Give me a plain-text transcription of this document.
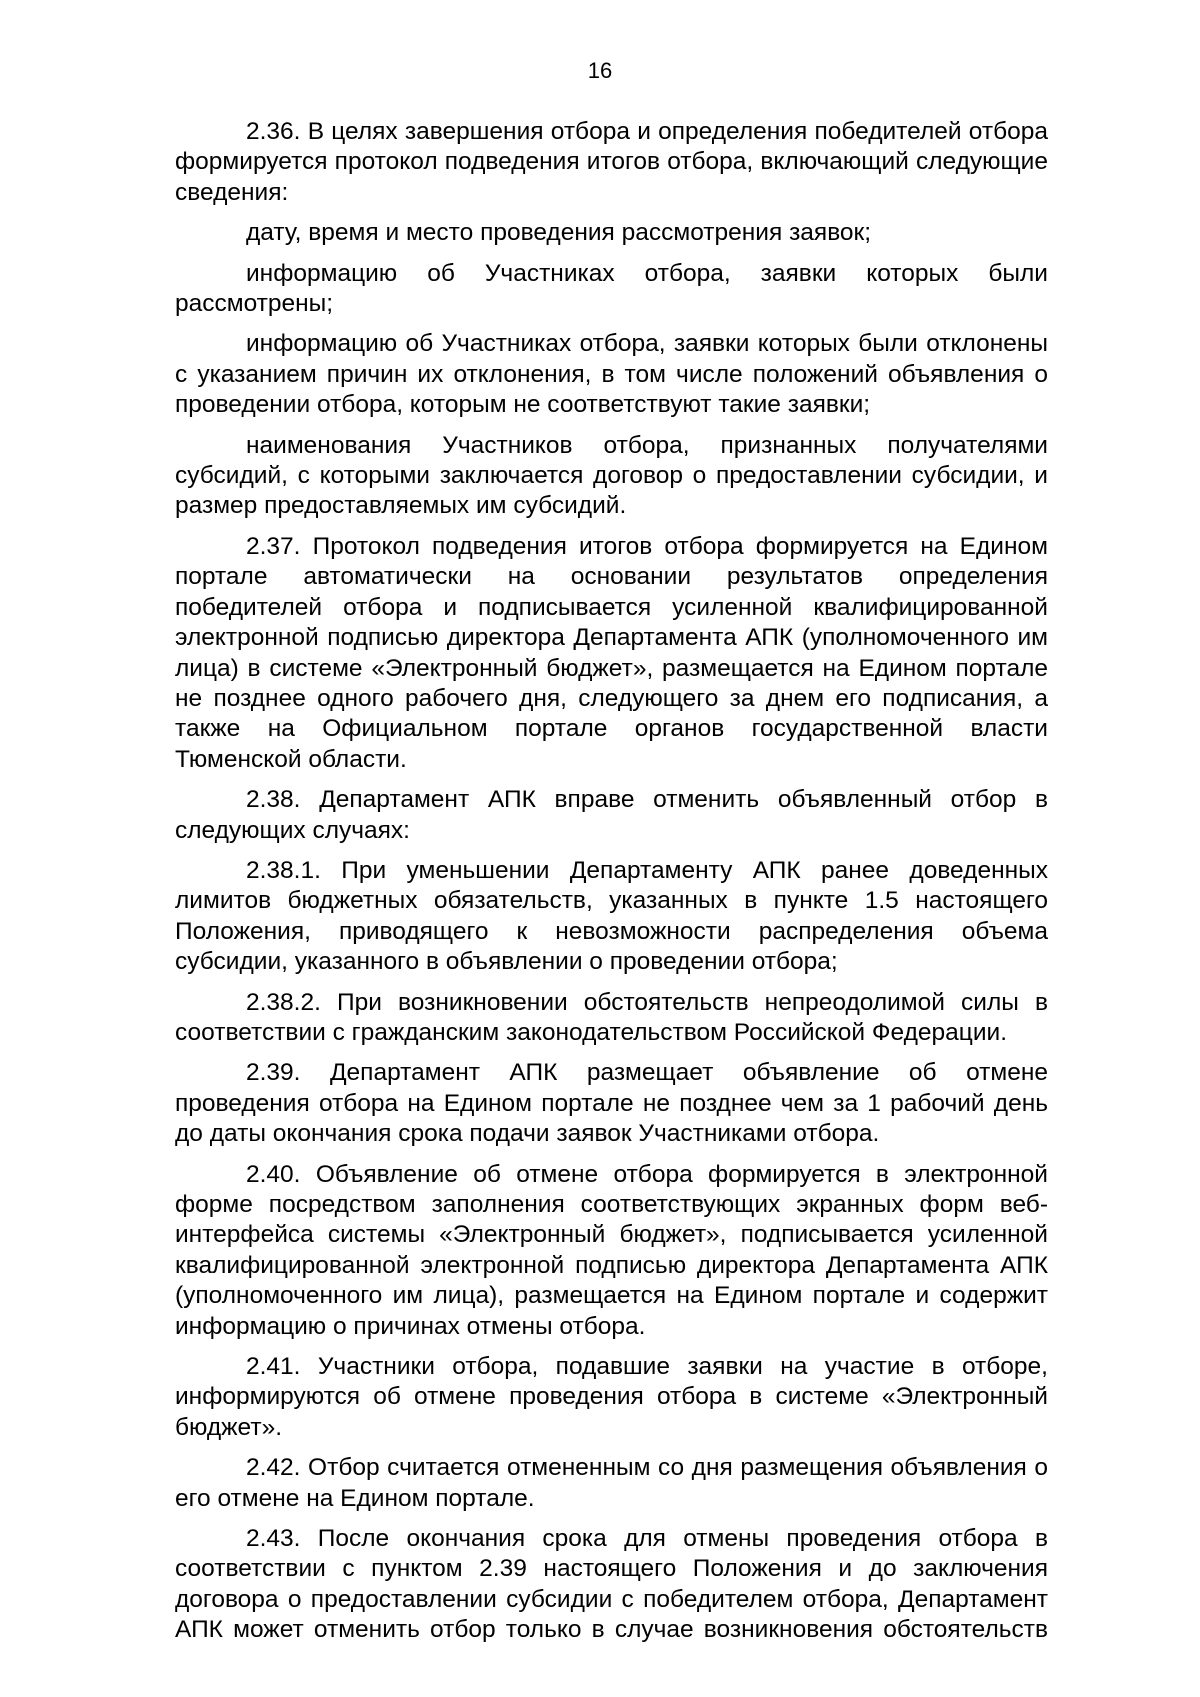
16

2.36. В целях завершения отбора и определения победителей отбора формируется протокол подведения итогов отбора, включающий следующие сведения:

дату, время и место проведения рассмотрения заявок;

информацию об Участниках отбора, заявки которых были рассмотрены;

информацию об Участниках отбора, заявки которых были отклонены с указанием причин их отклонения, в том числе положений объявления о проведении отбора, которым не соответствуют такие заявки;

наименования Участников отбора, признанных получателями субсидий, с которыми заключается договор о предоставлении субсидии, и размер предоставляемых им субсидий.

2.37. Протокол подведения итогов отбора формируется на Едином портале автоматически на основании результатов определения победителей отбора и подписывается усиленной квалифицированной электронной подписью директора Департамента АПК (уполномоченного им лица) в системе «Электронный бюджет», размещается на Едином портале не позднее одного рабочего дня, следующего за днем его подписания, а также на Официальном портале органов государственной власти Тюменской области.

2.38. Департамент АПК вправе отменить объявленный отбор в следующих случаях:

2.38.1. При уменьшении Департаменту АПК ранее доведенных лимитов бюджетных обязательств, указанных в пункте 1.5 настоящего Положения, приводящего к невозможности распределения объема субсидии, указанного в объявлении о проведении отбора;

2.38.2. При возникновении обстоятельств непреодолимой силы в соответствии с гражданским законодательством Российской Федерации.

2.39. Департамент АПК размещает объявление об отмене проведения отбора на Едином портале не позднее чем за 1 рабочий день до даты окончания срока подачи заявок Участниками отбора.

2.40. Объявление об отмене отбора формируется в электронной форме посредством заполнения соответствующих экранных форм веб-интерфейса системы «Электронный бюджет», подписывается усиленной квалифицированной электронной подписью директора Департамента АПК (уполномоченного им лица), размещается на Едином портале и содержит информацию о причинах отмены отбора.

2.41. Участники отбора, подавшие заявки на участие в отборе, информируются об отмене проведения отбора в системе «Электронный бюджет».

2.42. Отбор считается отмененным со дня размещения объявления о его отмене на Едином портале.

2.43. После окончания срока для отмены проведения отбора в соответствии с пунктом 2.39 настоящего Положения и до заключения договора о предоставлении субсидии с победителем отбора, Департамент АПК может отменить отбор только в случае возникновения обстоятельств
